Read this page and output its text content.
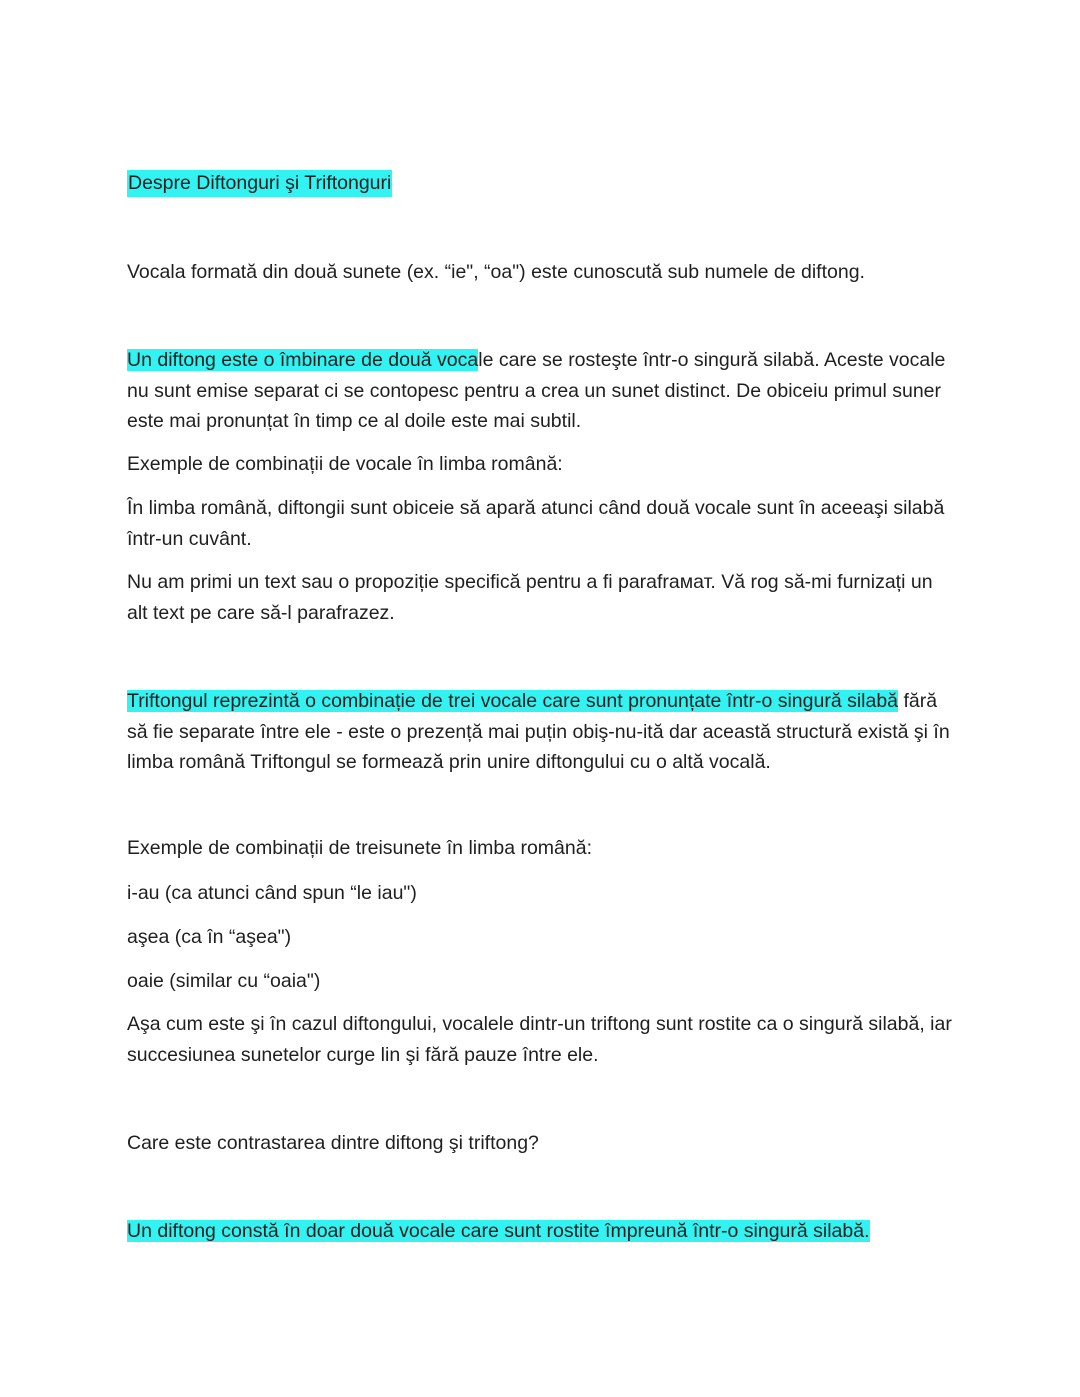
Despre Diftonguri şi Triftonguri

Vocala formată din două sunete (ex. “ie", “oa") este cunoscută sub numele de diftong.

Un diftong este o îmbinare de două vocale care se rosteşte într-o singură silabă. Aceste vocale nu sunt emise separat ci se contopesc pentru a crea un sunet distinct. De obiceiu primul suner este mai pronunțat în timp ce al doile este mai subtil.

Exemple de combinații de vocale în limba română:

În limba română, diftongii sunt obiceie să apară atunci când două vocale sunt în aceeaşi silabă într-un cuvânt.

Nu am primi un text sau o propoziție specifică pentru a fi parafraмат. Vă rog să-mi furnizați un alt text pe care să-l parafrazez.

Triftongul reprezintă o combinație de trei vocale care sunt pronunțate într-o singură silabă fără să fie separate între ele - este o prezență mai puțin obiş-nu-ită dar această structură există şi în limba română Triftongul se formează prin unire diftongului cu o altă vocală.

Exemple de combinații de treisunete în limba română:

i-au (ca atunci când spun “le iau")

aşea (ca în “aşea")

oaie (similar cu “oaia")

Aşa cum este şi în cazul diftongului, vocalele dintr-un triftong sunt rostite ca o singură silabă, iar succesiunea sunetelor curge lin şi fără pauze între ele.

Care este contrastarea dintre diftong şi triftong?

Un diftong constă în doar două vocale care sunt rostite împreună într-o singură silabă.
